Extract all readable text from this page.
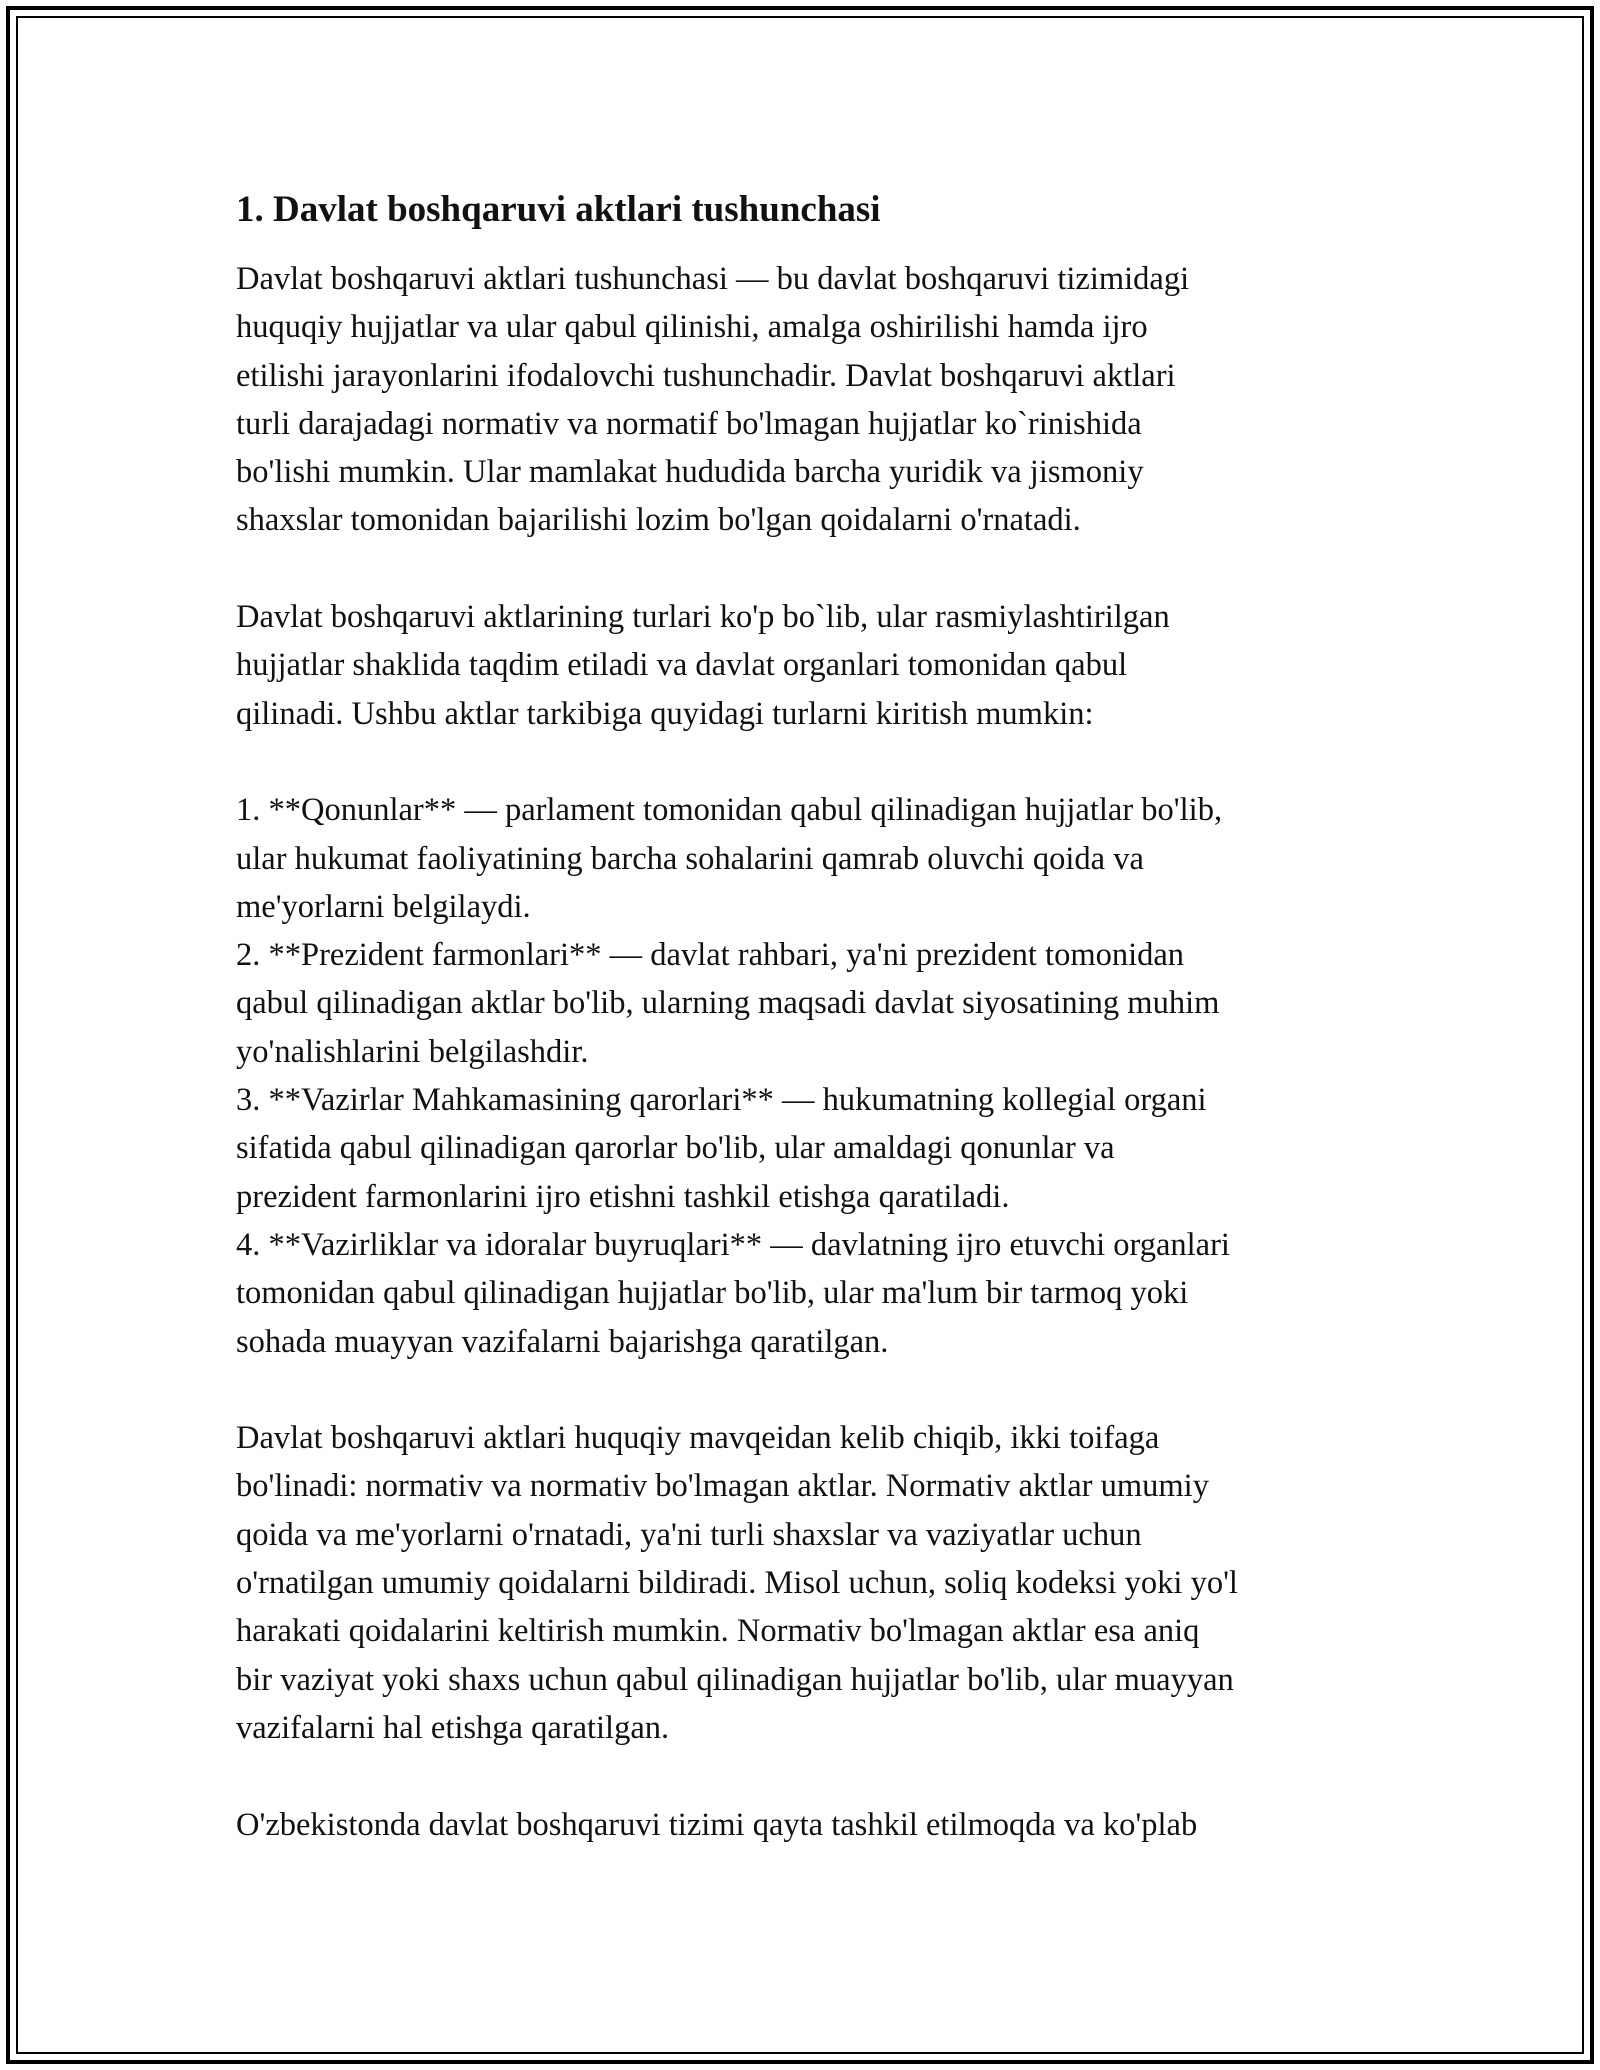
1. Davlat boshqaruvi aktlari tushunchasi
Davlat boshqaruvi aktlari tushunchasi — bu davlat boshqaruvi tizimidagi
huquqiy hujjatlar va ular qabul qilinishi, amalga oshirilishi hamda ijro
etilishi jarayonlarini ifodalovchi tushunchadir. Davlat boshqaruvi aktlari
turli darajadagi normativ va normatif bo'lmagan hujjatlar ko`rinishida
bo'lishi mumkin. Ular mamlakat hududida barcha yuridik va jismoniy
shaxslar tomonidan bajarilishi lozim bo'lgan qoidalarni o'rnatadi.
Davlat boshqaruvi aktlarining turlari ko'p bo`lib, ular rasmiylashtirilgan
hujjatlar shaklida taqdim etiladi va davlat organlari tomonidan qabul
qilinadi. Ushbu aktlar tarkibiga quyidagi turlarni kiritish mumkin:
1. **Qonunlar** — parlament tomonidan qabul qilinadigan hujjatlar bo'lib,
ular hukumat faoliyatining barcha sohalarini qamrab oluvchi qoida va
me'yorlarni belgilaydi.
2. **Prezident farmonlari** — davlat rahbari, ya'ni prezident tomonidan
qabul qilinadigan aktlar bo'lib, ularning maqsadi davlat siyosatining muhim
yo'nalishlarini belgilashdir.
3. **Vazirlar Mahkamasining qarorlari** — hukumatning kollegial organi
sifatida qabul qilinadigan qarorlar bo'lib, ular amaldagi qonunlar va
prezident farmonlarini ijro etishni tashkil etishga qaratiladi.
4. **Vazirliklar va idoralar buyruqlari** — davlatning ijro etuvchi organlari
tomonidan qabul qilinadigan hujjatlar bo'lib, ular ma'lum bir tarmoq yoki
sohada muayyan vazifalarni bajarishga qaratilgan.
Davlat boshqaruvi aktlari huquqiy mavqeidan kelib chiqib, ikki toifaga
bo'linadi: normativ va normativ bo'lmagan aktlar. Normativ aktlar umumiy
qoida va me'yorlarni o'rnatadi, ya'ni turli shaxslar va vaziyatlar uchun
o'rnatilgan umumiy qoidalarni bildiradi. Misol uchun, soliq kodeksi yoki yo'l
harakati qoidalarini keltirish mumkin. Normativ bo'lmagan aktlar esa aniq
bir vaziyat yoki shaxs uchun qabul qilinadigan hujjatlar bo'lib, ular muayyan
vazifalarni hal etishga qaratilgan.
O'zbekistonda davlat boshqaruvi tizimi qayta tashkil etilmoqda va ko'plab
